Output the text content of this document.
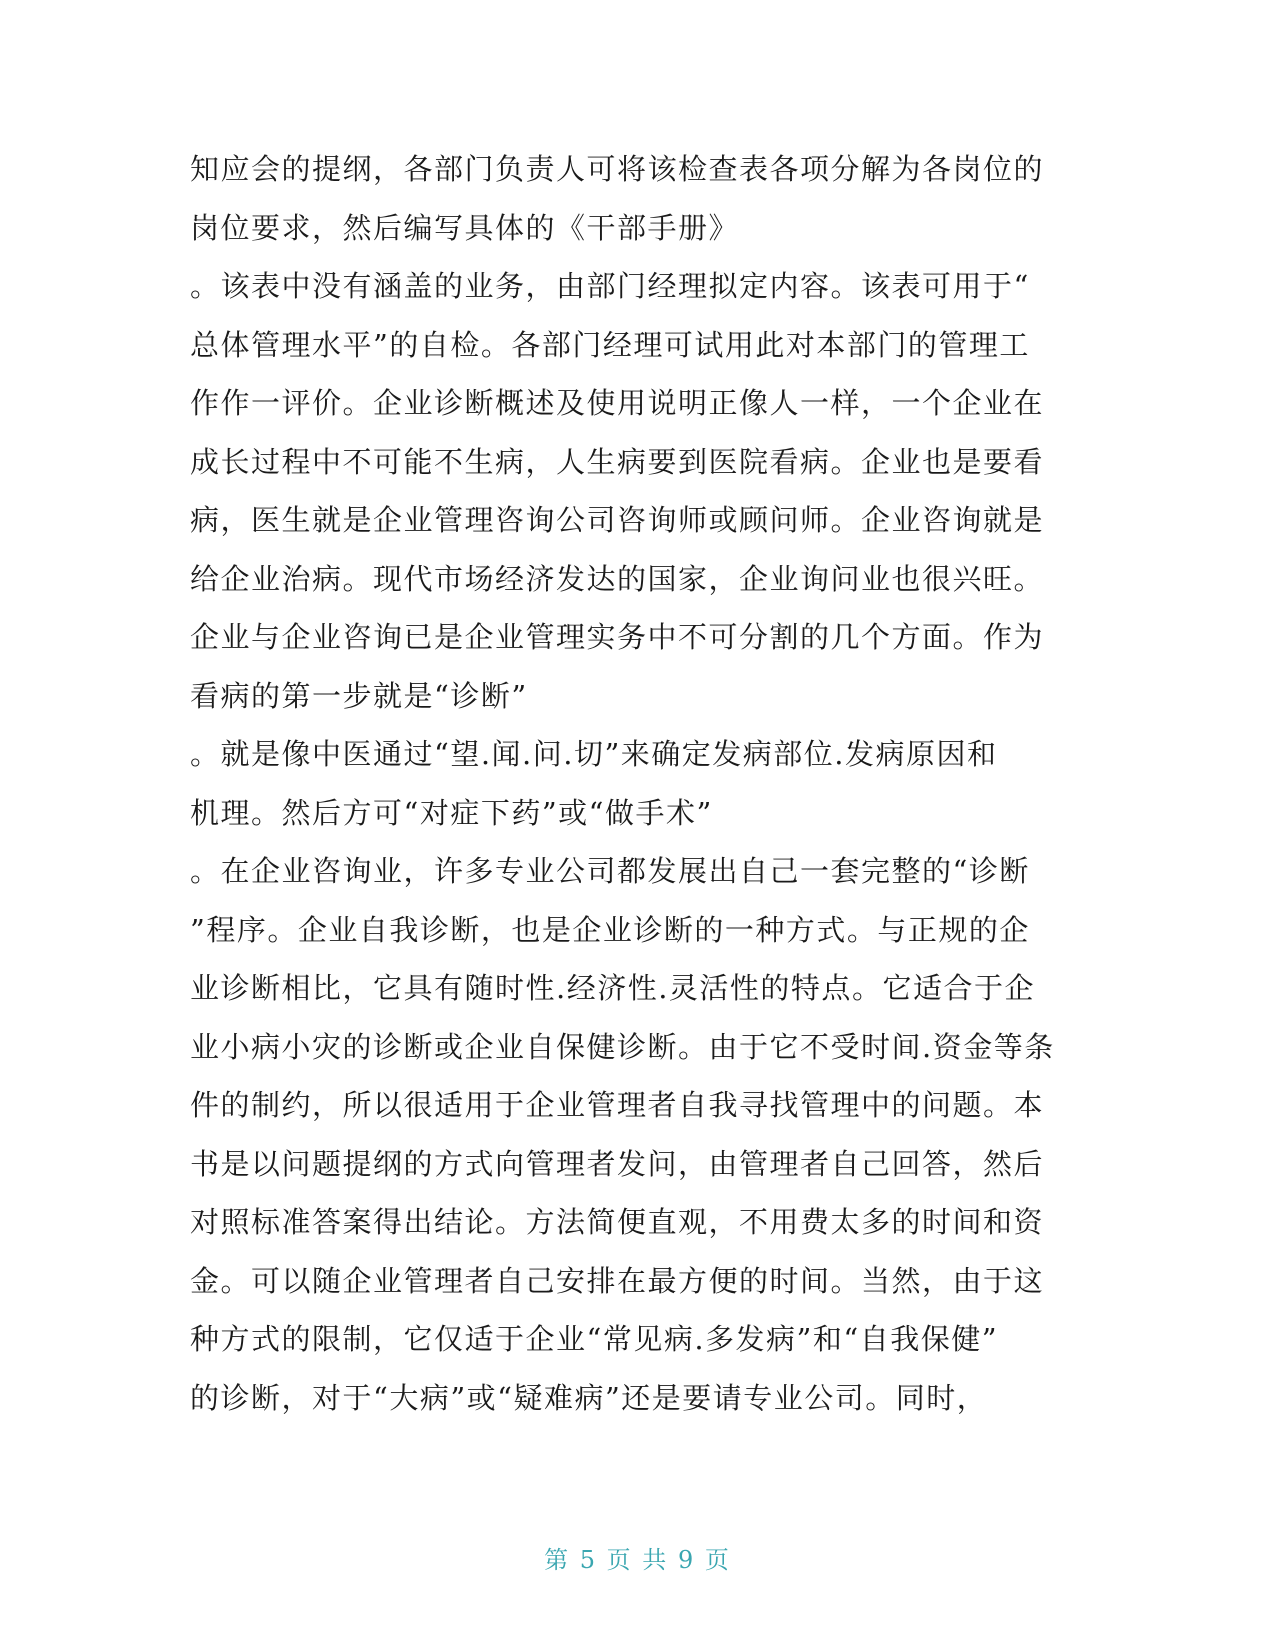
知应会的提纲，各部门负责人可将该检查表各项分解为各岗位的
岗位要求，然后编写具体的《干部手册》
。该表中没有涵盖的业务，由部门经理拟定内容。该表可用于“
总体管理水平”的自检。各部门经理可试用此对本部门的管理工
作作一评价。企业诊断概述及使用说明正像人一样，一个企业在
成长过程中不可能不生病，人生病要到医院看病。企业也是要看
病，医生就是企业管理咨询公司咨询师或顾问师。企业咨询就是
给企业治病。现代市场经济发达的国家，企业询问业也很兴旺。
企业与企业咨询已是企业管理实务中不可分割的几个方面。作为
看病的第一步就是“诊断”
。就是像中医通过“望.闻.问.切”来确定发病部位.发病原因和
机理。然后方可“对症下药”或“做手术”
。在企业咨询业，许多专业公司都发展出自己一套完整的“诊断
”程序。企业自我诊断，也是企业诊断的一种方式。与正规的企
业诊断相比，它具有随时性.经济性.灵活性的特点。它适合于企
业小病小灾的诊断或企业自保健诊断。由于它不受时间.资金等条
件的制约，所以很适用于企业管理者自我寻找管理中的问题。本
书是以问题提纲的方式向管理者发问，由管理者自己回答，然后
对照标准答案得出结论。方法简便直观，不用费太多的时间和资
金。可以随企业管理者自己安排在最方便的时间。当然，由于这
种方式的限制，它仅适于企业“常见病.多发病”和“自我保健”
的诊断，对于“大病”或“疑难病”还是要请专业公司。同时，
第 5 页 共 9 页
